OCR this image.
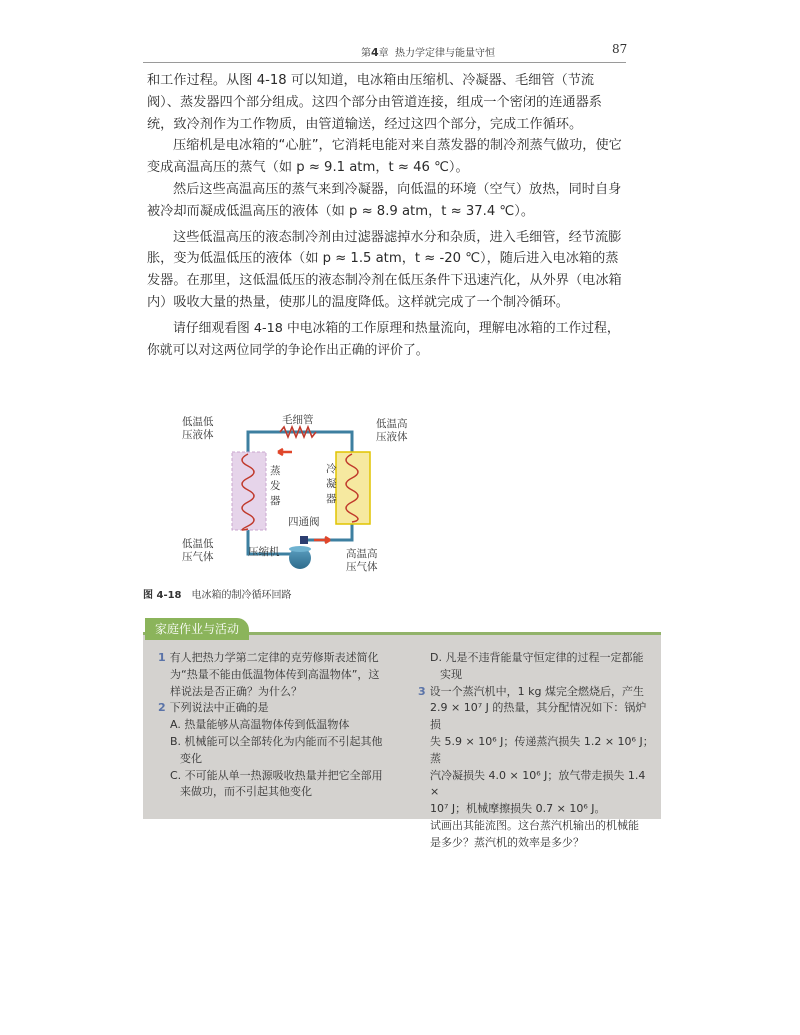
第4章 热力学定律与能量守恒	87

和工作过程。从图 4-18 可以知道，电冰箱由压缩机、冷凝器、毛细管（节流阀）、蒸发器四个部分组成。这四个部分由管道连接，组成一个密闭的连通器系统，致冷剂作为工作物质，由管道输送，经过这四个部分，完成工作循环。

压缩机是电冰箱的“心脏”，它消耗电能对来自蒸发器的制冷剂蒸气做功，使它变成高温高压的蒸气（如 p ≈ 9.1 atm，t ≈ 46 ℃）。

然后这些高温高压的蒸气来到冷凝器，向低温的环境（空气）放热，同时自身被冷却而凝成低温高压的液体（如 p ≈ 8.9 atm，t ≈ 37.4 ℃）。

这些低温高压的液态制冷剂由过滤器滤掉水分和杂质，进入毛细管，经节流膨胀，变为低温低压的液体（如 p ≈ 1.5 atm，t ≈ -20 ℃），随后进入电冰箱的蒸发器。在那里，这低温低压的液态制冷剂在低压条件下迅速汽化，从外界（电冰箱内）吸收大量的热量，使那儿的温度降低。这样就完成了一个制冷循环。

请仔细观看图 4-18 中电冰箱的工作原理和热量流向，理解电冰箱的工作过程，你就可以对这两位同学的争论作出正确的评价了。

低温低
压液体
毛细管	低温高
压液体
蒸
发
器
冷
凝
器
四通阀
低温低
压气体	压缩机	高温高
压气体
图 4-18 电冰箱的制冷循环回路
家庭作业与活动

1 有人把热力学第二定律的克劳修斯表述简化

为“热量不能由低温物体传到高温物体”，这

样说法是否正确？为什么？

2 下列说法中正确的是

A. 热量能够从高温物体传到低温物体

B. 机械能可以全部转化为内能而不引起其他

变化

C. 不可能从单一热源吸收热量并把它全部用

来做功，而不引起其他变化

D. 凡是不违背能量守恒定律的过程一定都能

实现

3 设一个蒸汽机中，1 kg 煤完全燃烧后，产生

2.9 × 10⁷ J 的热量，其分配情况如下：锅炉损

失 5.9 × 10⁶ J；传递蒸汽损失 1.2 × 10⁶ J；蒸

汽冷凝损失 4.0 × 10⁶ J；放气带走损失 1.4 ×

10⁷ J；机械摩擦损失 0.7 × 10⁶ J。

试画出其能流图。这台蒸汽机输出的机械能

是多少？蒸汽机的效率是多少？
